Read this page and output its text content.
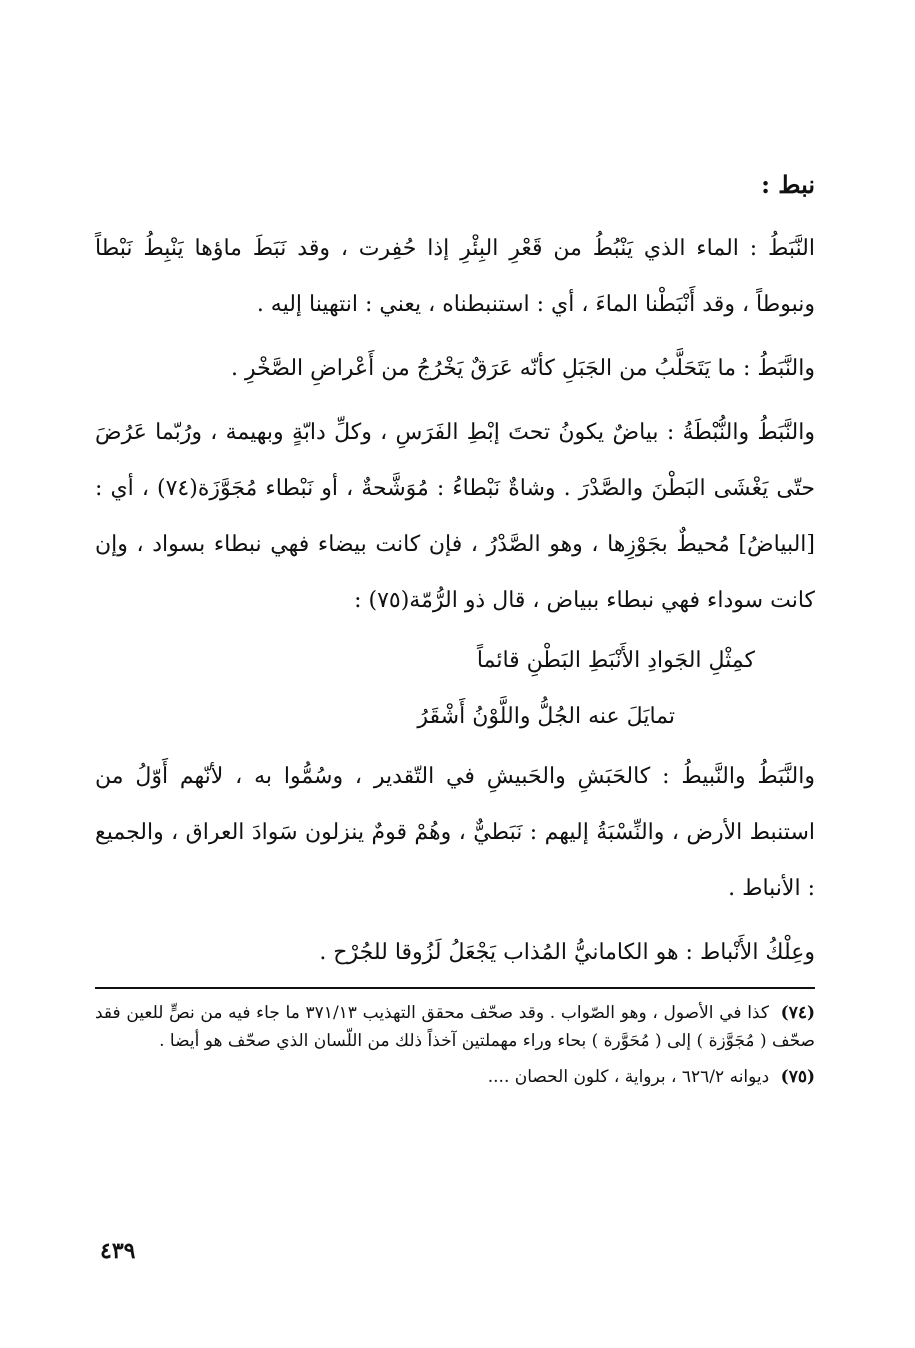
نبط :

النَّبَطُ : الماء الذي يَنْبُطُ من قَعْرِ البِئْرِ إذا حُفِرت ، وقد نَبَطَ ماؤها يَنْبِطُ نَبْطاً ونبوطاً ، وقد أَنْبَطْنا الماءَ ، أي : استنبطناه ، يعني : انتهينا إليه .

والنَّبَطُ : ما يَتَحَلَّبُ من الجَبَلِ كأنّه عَرَقٌ يَخْرُجُ من أَعْراضِ الصَّخْرِ .

والنَّبَطُ والنُّبْطَةُ : بياضٌ يكونُ تحتَ إبْطِ الفَرَسِ ، وكلِّ دابّةٍ وبهيمة ، ورُبّما عَرُضَ حتّى يَغْشَى البَطْنَ والصَّدْرَ . وشاةٌ نَبْطاءُ : مُوَشَّحةٌ ، أو نَبْطاء مُجَوَّزَة(٧٤) ، أي : [البياضُ] مُحيطٌ بجَوْزِها ، وهو الصَّدْرُ ، فإن كانت بيضاء فهي نبطاء بسواد ، وإن كانت سوداء فهي نبطاء ببياض ، قال ذو الرُّمّة(٧٥) :

كمِثْلِ الجَوادِ الأَنْبَطِ البَطْنِ قائماً
تمايَلَ عنه الجُلُّ واللَّوْنُ أَشْقَرُ

والنَّبَطُ والنَّبيطُ : كالحَبَشِ والحَبيشِ في التّقدير ، وسُمُّوا به ، لأنّهم أَوّلُ من استنبط الأرض ، والنِّسْبَةُ إليهم : نَبَطيٌّ ، وهُمْ قومٌ ينزلون سَوادَ العراق ، والجميع : الأنباط .

وعِلْكُ الأَنْباط : هو الكامانيُّ المُذاب يَجْعَلُ لَزُوقا للجُرْح .

(٧٤) كذا في الأصول ، وهو الصّواب . وقد صحّف محقق التهذيب ٣٧١/١٣ ما جاء فيه من نصٍّ للعين فقد صحّف ( مُجَوَّزة ) إلى ( مُحَوَّرة ) بحاء وراء مهملتين آخذاً ذلك من اللّسان الذي صحّف هو أيضا .

(٧٥) ديوانه ٦٢٦/٢ ، برواية ، كلون الحصان ....

٤٣٩
